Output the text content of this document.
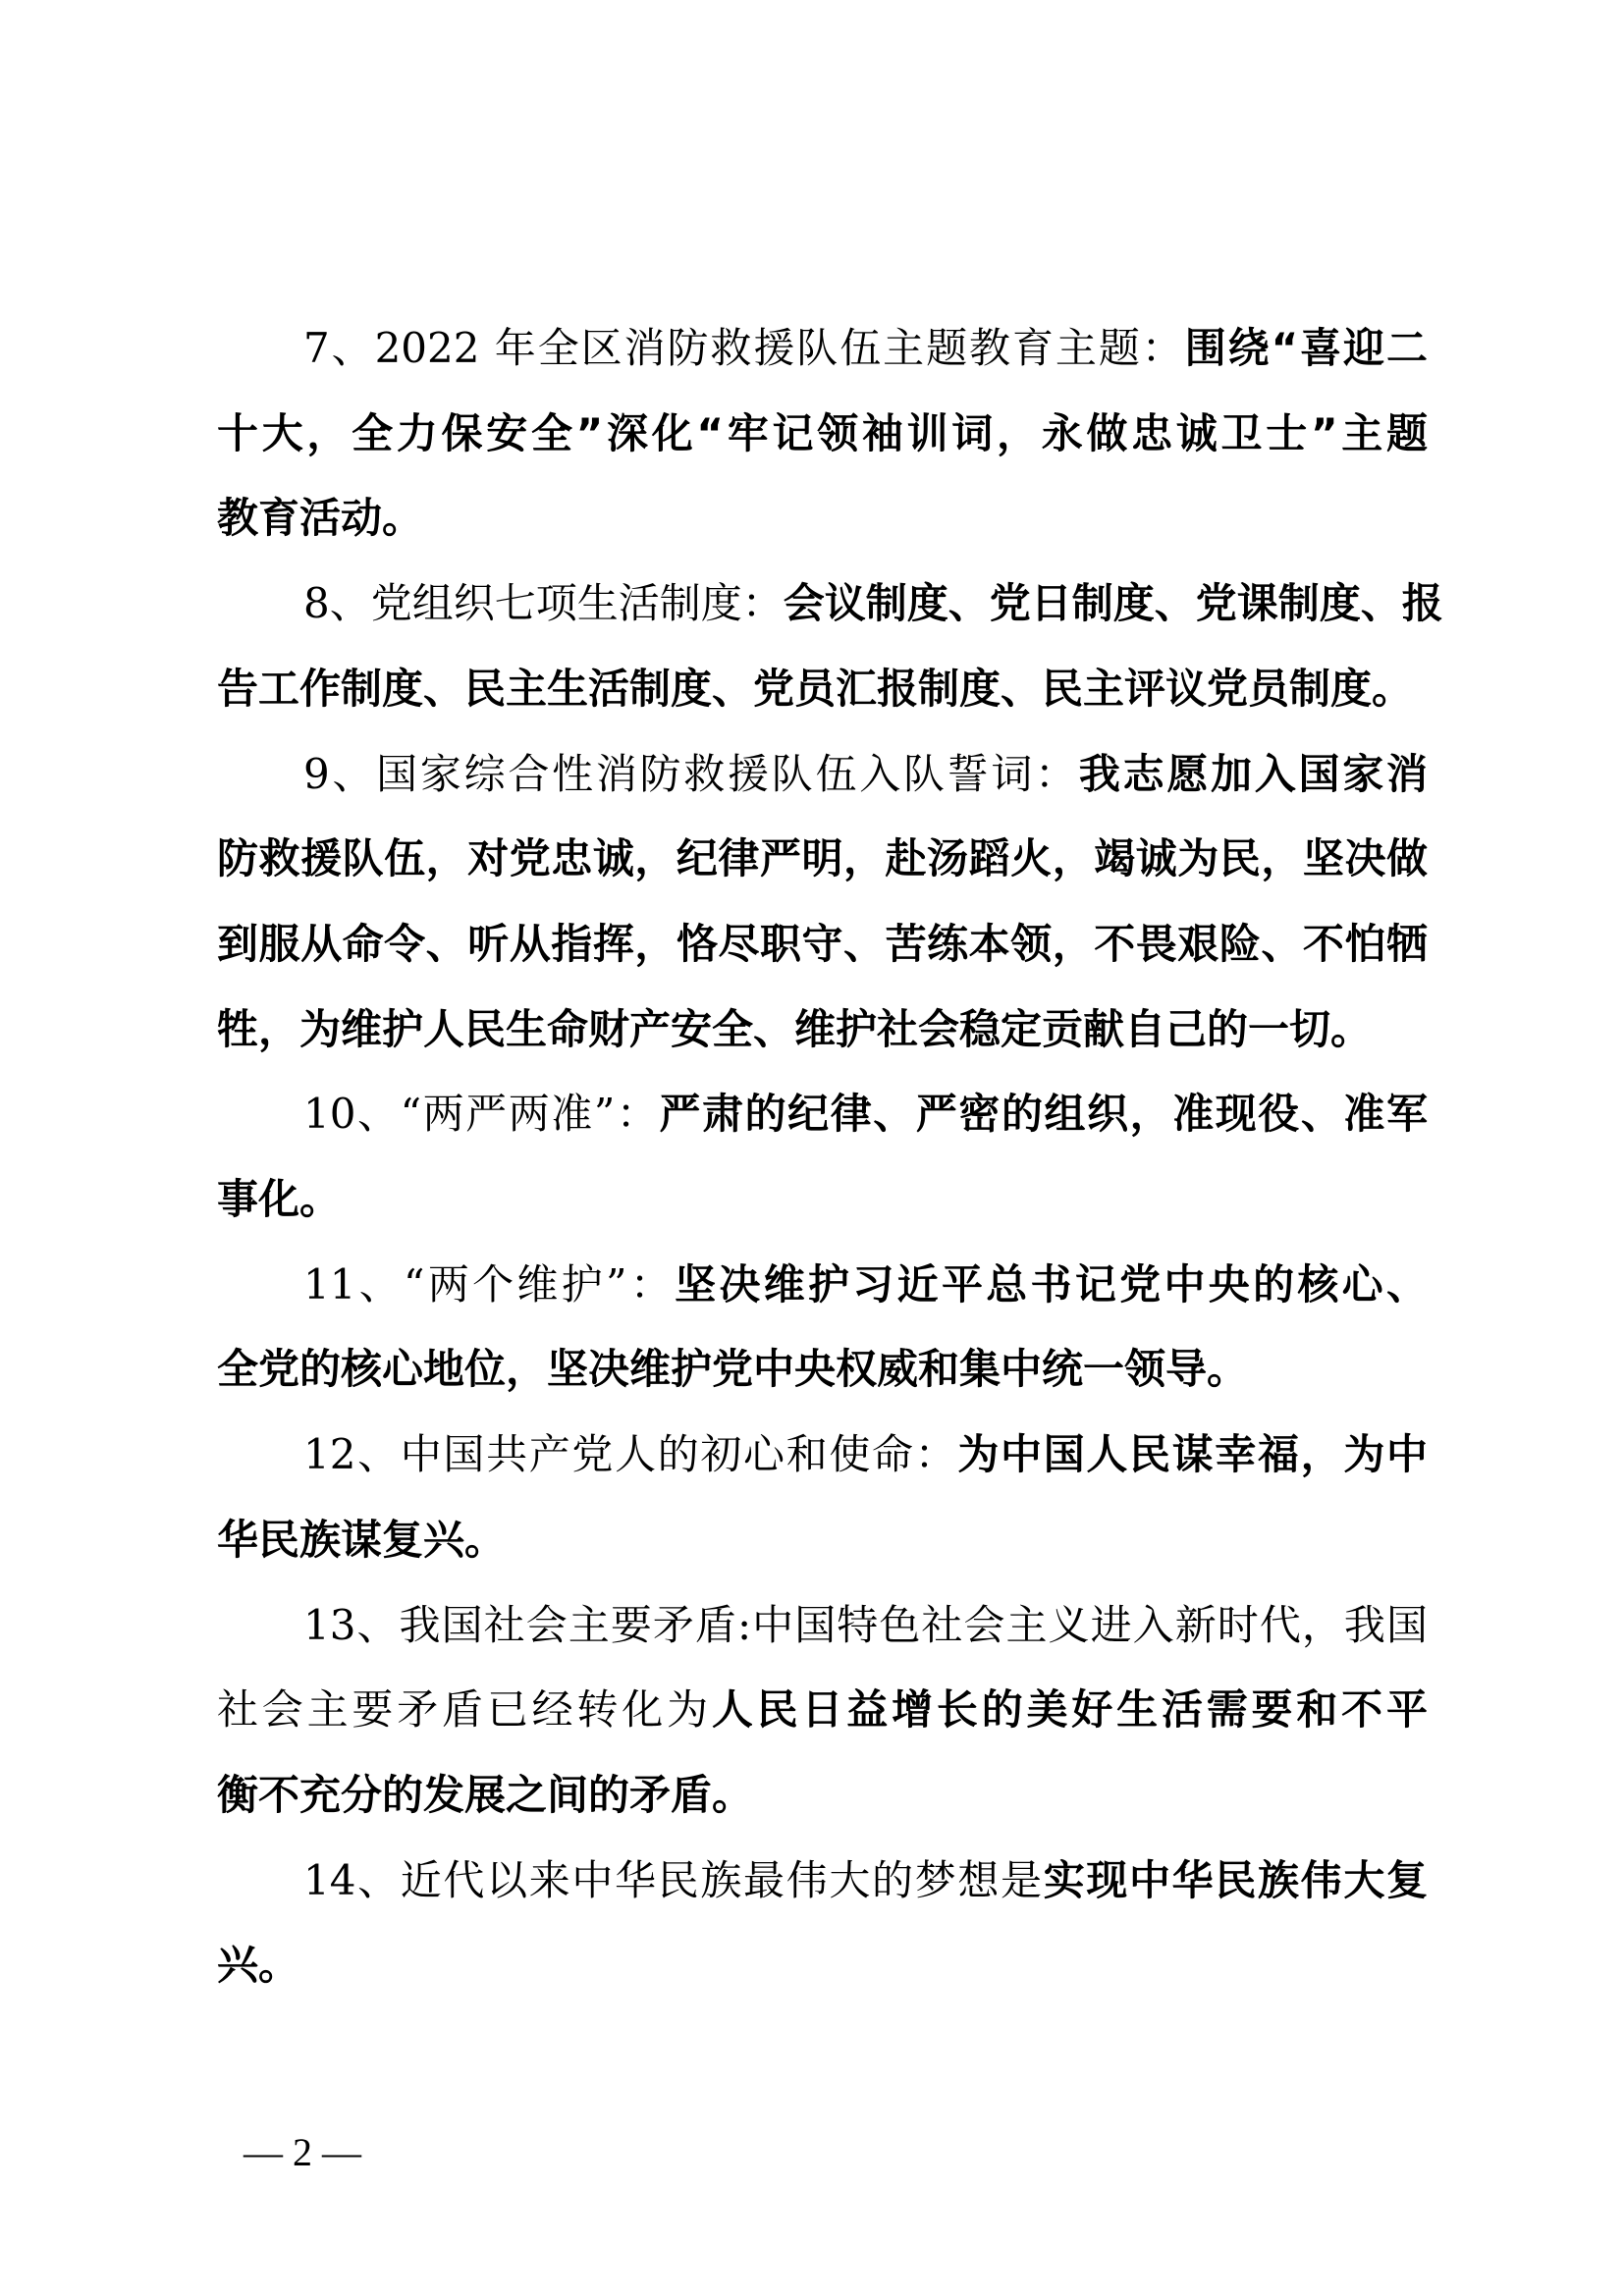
7、2022 年全区消防救援队伍主题教育主题：围绕“喜迎二
十大，全力保安全”深化“牢记领袖训词，永做忠诚卫士”主题
教育活动。
8、党组织七项生活制度：会议制度、党日制度、党课制度、报
告工作制度、民主生活制度、党员汇报制度、民主评议党员制度。
9、国家综合性消防救援队伍入队誓词：我志愿加入国家消
防救援队伍，对党忠诚，纪律严明，赴汤蹈火，竭诚为民，坚决做
到服从命令、听从指挥，恪尽职守、苦练本领，不畏艰险、不怕牺
牲，为维护人民生命财产安全、维护社会稳定贡献自己的一切。
10、“两严两准”：严肃的纪律、严密的组织，准现役、准军
事化。
11、“两个维护”：坚决维护习近平总书记党中央的核心、
全党的核心地位，坚决维护党中央权威和集中统一领导。
12、中国共产党人的初心和使命：为中国人民谋幸福，为中
华民族谋复兴。
13、我国社会主要矛盾:中国特色社会主义进入新时代，我国
社会主要矛盾已经转化为人民日益增长的美好生活需要和不平
衡不充分的发展之间的矛盾。
14、近代以来中华民族最伟大的梦想是实现中华民族伟大复
兴。
— 2 —
